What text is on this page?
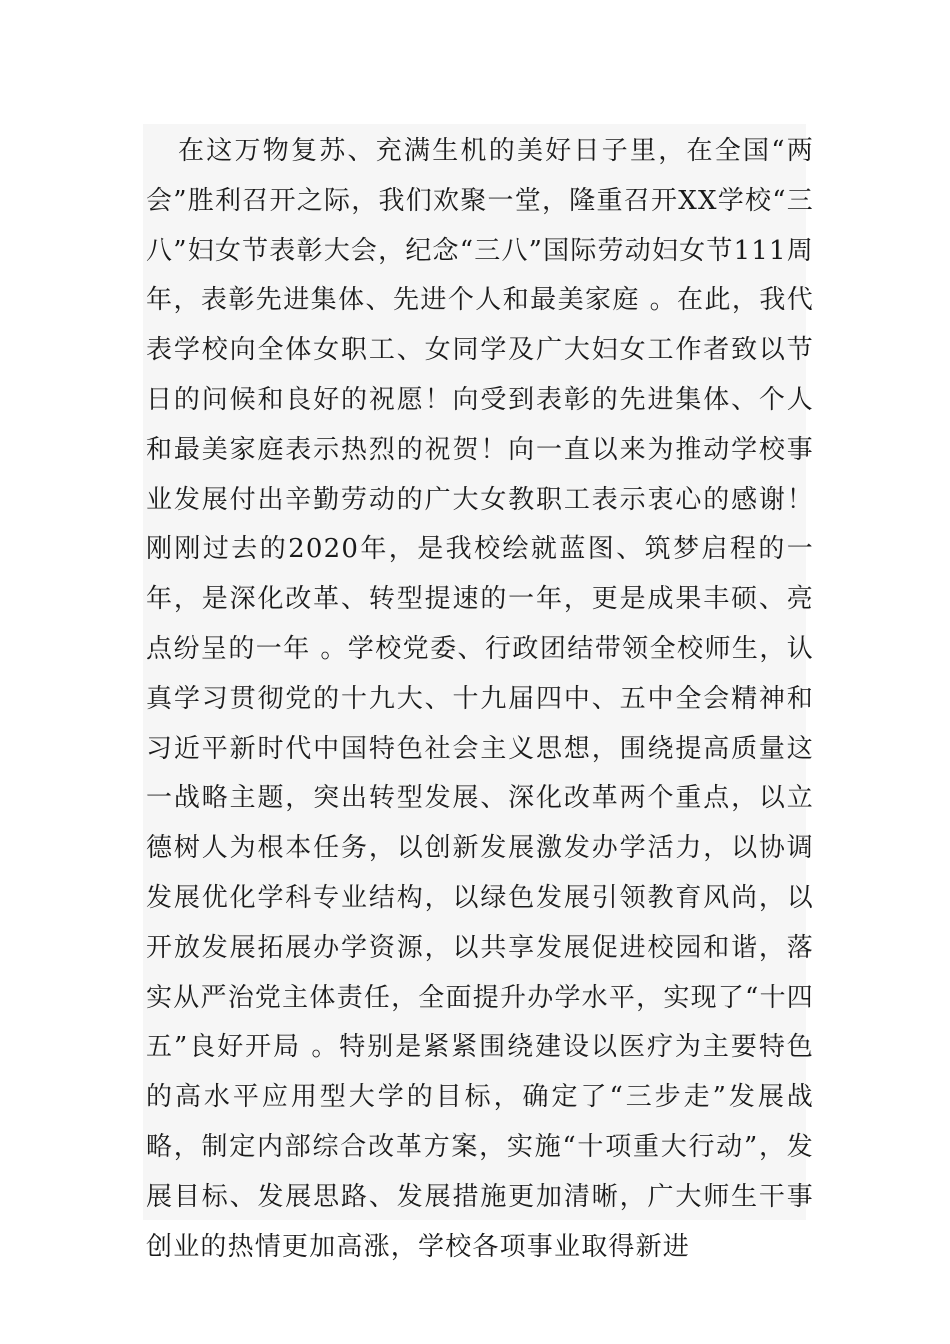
在这万物复苏、充满生机的美好日子里，在全国“两会”胜利召开之际，我们欢聚一堂，隆重召开XX学校“三八”妇女节表彰大会，纪念“三八”国际劳动妇女节111周年，表彰先进集体、先进个人和最美家庭 。在此，我代表学校向全体女职工、女同学及广大妇女工作者致以节日的问候和良好的祝愿！向受到表彰的先进集体、个人和最美家庭表示热烈的祝贺！向一直以来为推动学校事业发展付出辛勤劳动的广大女教职工表示衷心的感谢！ 刚刚过去的2020年，是我校绘就蓝图、筑梦启程的一年，是深化改革、转型提速的一年，更是成果丰硕、亮点纷呈的一年 。学校党委、行政团结带领全校师生，认真学习贯彻党的十九大、十九届四中、五中全会精神和习近平新时代中国特色社会主义思想，围绕提高质量这一战略主题，突出转型发展、深化改革两个重点，以立德树人为根本任务，以创新发展激发办学活力，以协调发展优化学科专业结构，以绿色发展引领教育风尚，以开放发展拓展办学资源，以共享发展促进校园和谐，落实从严治党主体责任，全面提升办学水平，实现了“十四五”良好开局 。特别是紧紧围绕建设以医疗为主要特色的高水平应用型大学的目标，确定了“三步走”发展战略，制定内部综合改革方案，实施“十项重大行动”，发展目标、发展思路、发展措施更加清晰，广大师生干事创业的热情更加高涨，学校各项事业取得新进
